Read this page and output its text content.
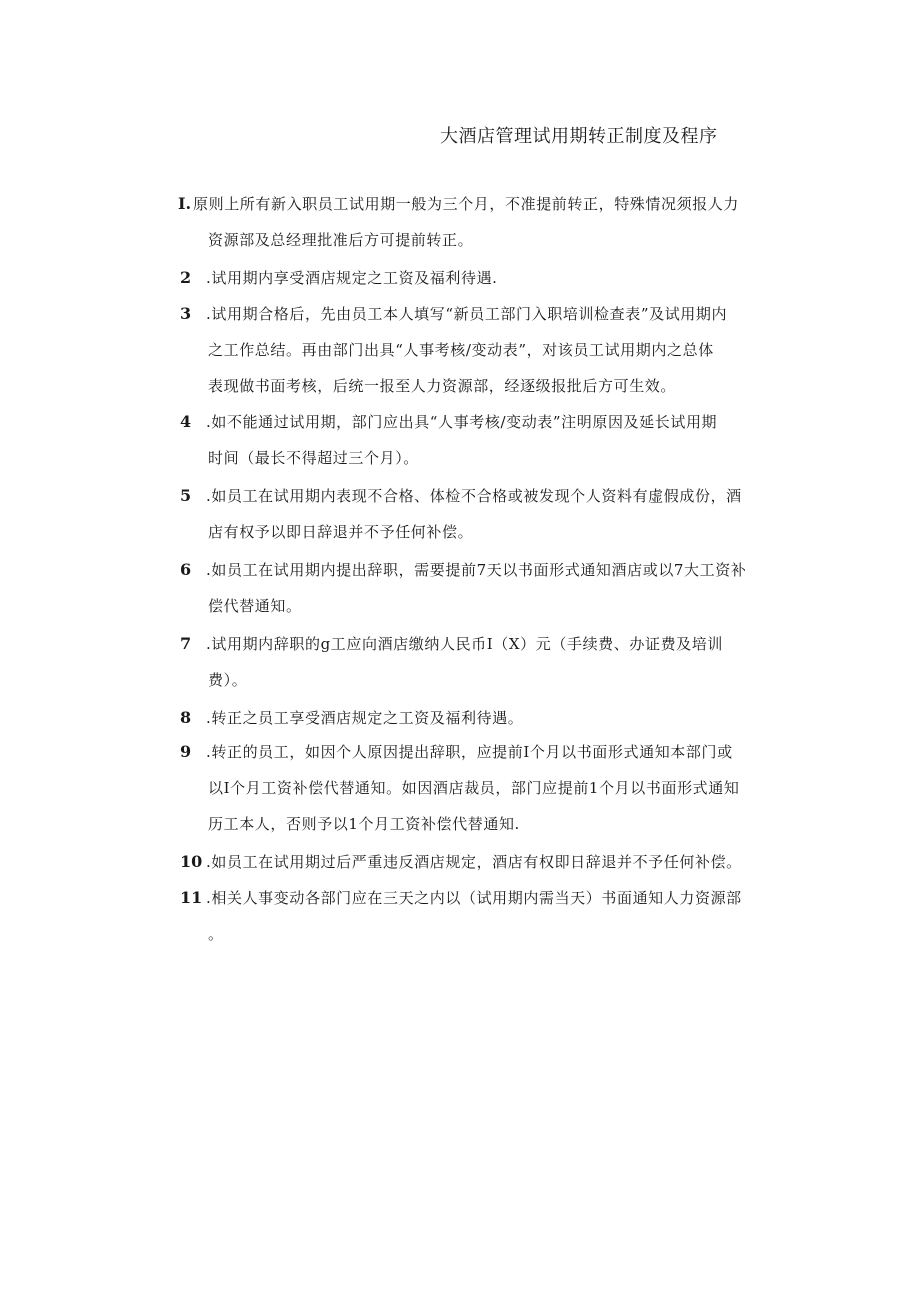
大酒店管理试用期转正制度及程序
I. 原则上所有新入职员工试用期一般为三个月，不准提前转正，特殊情况须报人力
资源部及总经理批准后方可提前转正。
2 .试用期内享受酒店规定之工资及福利待遇.
3 .试用期合格后，先由员工本人填写“新员工部门入职培训检查表”及试用期内
之工作总结。再由部门出具“人事考核/变动表”，对该员工试用期内之总体
表现做书面考核，后统一报至人力资源部，经逐级报批后方可生效。
4 .如不能通过试用期，部门应出具“人事考核/变动表”注明原因及延长试用期
时间（最长不得超过三个月）。
5 .如员工在试用期内表现不合格、体检不合格或被发现个人资料有虚假成份，酒
店有权予以即日辞退并不予任何补偿。
6 .如员工在试用期内提出辞职，需要提前7天以书面形式通知酒店或以7大工资补
偿代替通知。
7 .试用期内辞职的g工应向酒店缴纳人民币I（X）元（手续费、办证费及培训
费）。
8 .转正之员工享受酒店规定之工资及福利待遇。
9 .转正的员工，如因个人原因提出辞职，应提前I个月以书面形式通知本部门或
以I个月工资补偿代替通知。如因酒店裁员，部门应提前1个月以书面形式通知
历工本人，否则予以1个月工资补偿代替通知.
10 .如员工在试用期过后严重违反酒店规定，酒店有权即日辞退并不予任何补偿。
11 .相关人事变动各部门应在三天之内以（试用期内需当天）书面通知人力资源部
。
